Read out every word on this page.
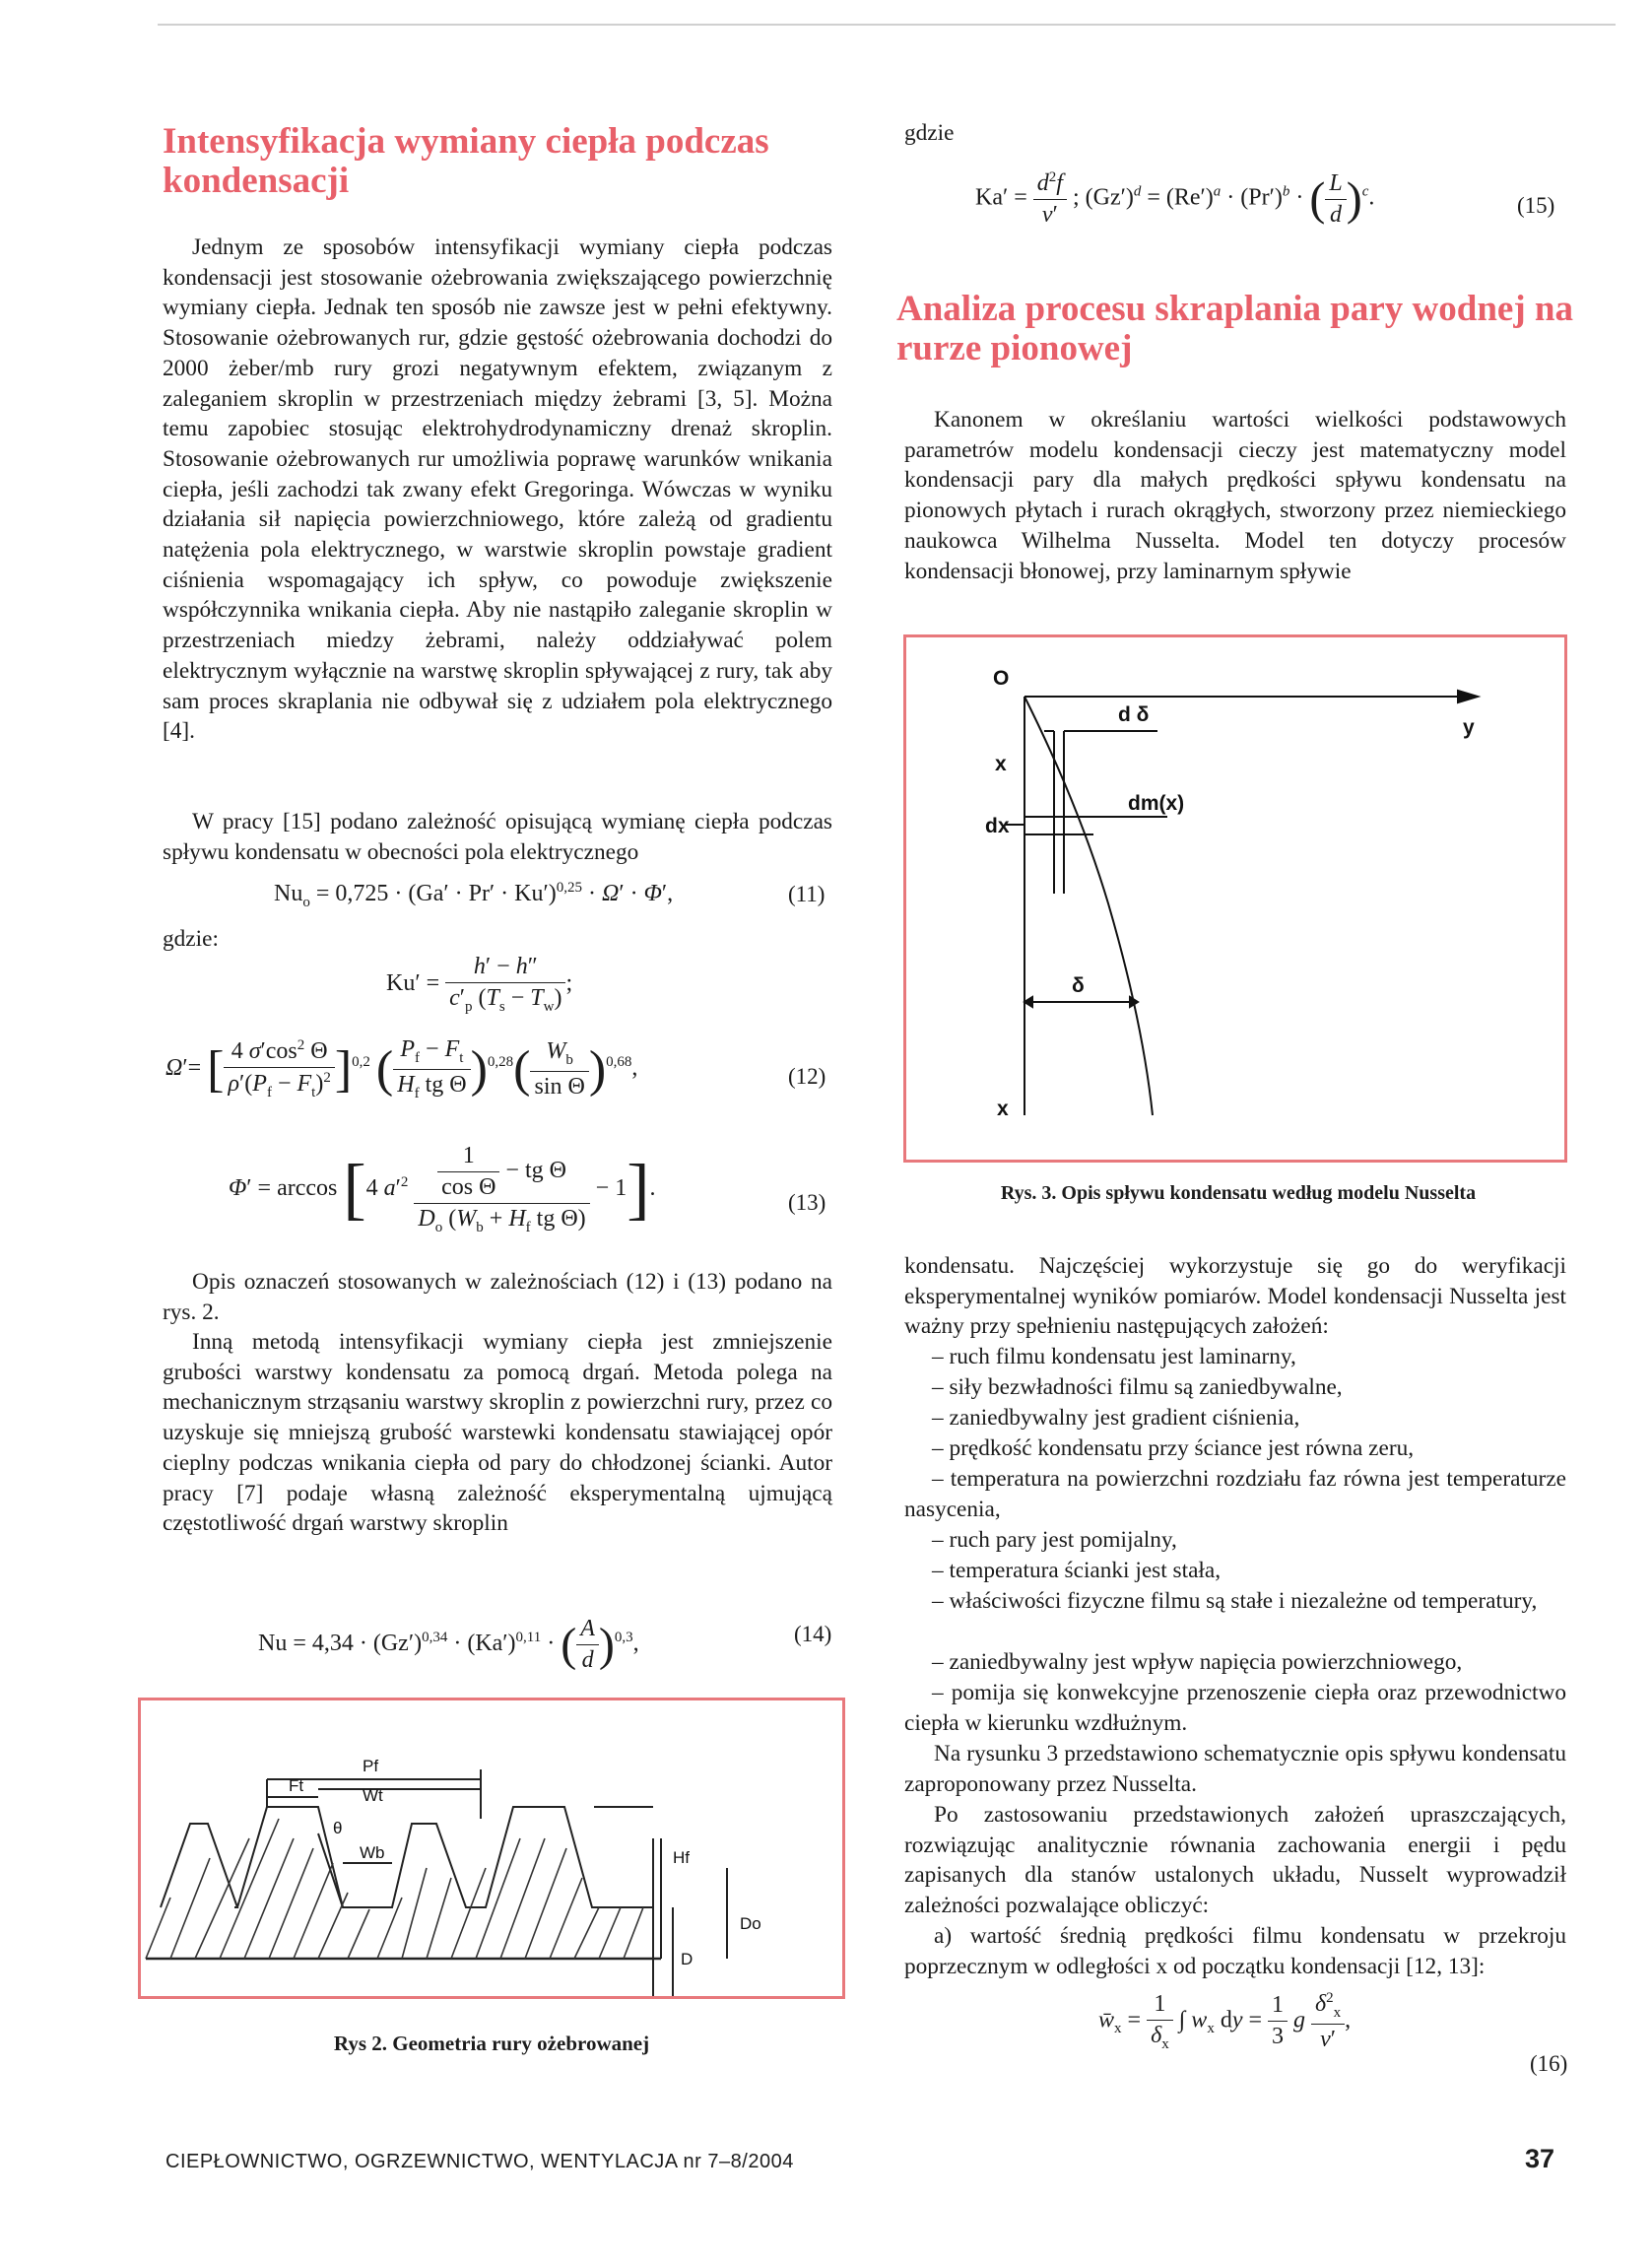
Intensyfikacja wymiany ciepła podczas kondensacji

Jednym ze sposobów intensyfikacji wymiany ciepła podczas kondensacji jest stosowanie ożebrowania zwiększającego powierzchnię wymiany ciepła. Jednak ten sposób nie zawsze jest w pełni efektywny. Stosowanie ożebrowanych rur, gdzie gęstość ożebrowania dochodzi do 2000 żeber/mb rury grozi negatywnym efektem, związanym z zaleganiem skroplin w przestrzeniach między żebrami [3, 5]. Można temu zapobiec stosując elektrohydrodynamiczny drenaż skroplin. Stosowanie ożebrowanych rur umożliwia poprawę warunków wnikania ciepła, jeśli zachodzi tak zwany efekt Gregoringa. Wówczas w wyniku działania sił napięcia powierzchniowego, które zależą od gradientu natężenia pola elektrycznego, w warstwie skroplin powstaje gradient ciśnienia wspomagający ich spływ, co powoduje zwiększenie współczynnika wnikania ciepła. Aby nie nastąpiło zaleganie skroplin w przestrzeniach miedzy żebrami, należy oddziaływać polem elektrycznym wyłącznie na warstwę skroplin spływającej z rury, tak aby sam proces skraplania nie odbywał się z udziałem pola elektrycznego [4].

W pracy [15] podano zależność opisującą wymianę ciepła podczas spływu kondensatu w obecności pola elektrycznego

$Nu_o = 0,725 \cdot (Ga' \cdot Pr' \cdot Ku')^{0,25} \cdot \Omega' \cdot \Phi'$,	(11)

gdzie:

$Ku' = \frac{h' - h''}{c'_p (T_s - T_w)}$ ;
Ω′= [ $\frac{4 \sigma'\cos^2 \Theta}{\rho'(P_f - F_t)^2} ]^{0,2}$ ( $\frac{P_f - F_t}{H_f tg \Theta} )^{0,28}( \frac{W_b}{\text{sin Θ}} )^{0,68}$,	(12)
Φ′ = arccos [4 $a'^2 \frac{\frac{1}{\text{cos Θ}} - tg \Theta}{D_o (W_b + H_f tg \Theta)} - 1$].
(13)

Opis oznaczeń stosowanych w zależnościach (12) i (13) podano na rys. 2.

Inną metodą intensyfikacji wymiany ciepła jest zmniejszenie grubości warstwy kondensatu za pomocą drgań. Metoda polega na mechanicznym strząsaniu warstwy skroplin z powierzchni rury, przez co uzyskuje się mniejszą grubość warstewki kondensatu stawiającej opór cieplny podczas wnikania ciepła od pary do chłodzonej ścianki. Autor pracy [7] podaje własną zależność eksperymentalną ujmującą częstotliwość drgań warstwy skroplin

$Nu = 4,34 \cdot (Gz')^{0,34} \cdot (Ka')^{0,11}$ · ( $\frac{A}{d} )^{0,3}$,	(14)
Pf
Ft
Wt
θ
Wb	Hf
D
Do
Rys 2. Geometria rury ożebrowanej

gdzie

$Ka' = \frac{d^2f}{\nu'}$ ; $(Gz')^d = (Re')^a \cdot (Pr')^b$ · ( $\frac{L}{d} )^c$.	(15)
Analiza procesu skraplania pary wodnej na rurze pionowej

Kanonem w określaniu wartości wielkości podstawowych parametrów modelu kondensacji cieczy jest matematyczny model kondensacji pary dla małych prędkości spływu kondensatu na pionowych płytach i rurach okrągłych, stworzony przez niemieckiego naukowca Wilhelma Nusselta. Model ten dotyczy procesów kondensacji błonowej, przy laminarnym spływie

O
x
y
d δ
dx
dm(x)
δ
x
Rys. 3. Opis spływu kondensatu według modelu Nusselta

kondensatu. Najczęściej wykorzystuje się go do weryfikacji eksperymentalnej wyników pomiarów. Model kondensacji Nusselta jest ważny przy spełnieniu następujących założeń:

– ruch filmu kondensatu jest laminarny,
– siły bezwładności filmu są zaniedbywalne,
– zaniedbywalny jest gradient ciśnienia,
– prędkość kondensatu przy ściance jest równa zeru,

– temperatura na powierzchni rozdziału faz równa jest temperaturze nasycenia,

– ruch pary jest pomijalny,
– temperatura ścianki jest stała,

– właściwości fizyczne filmu są stałe i niezależne od temperatury,

– zaniedbywalny jest wpływ napięcia powierzchniowego,

– pomija się konwekcyjne przenoszenie ciepła oraz przewodnictwo ciepła w kierunku wzdłużnym.

Na rysunku 3 przedstawiono schematycznie opis spływu kondensatu zaproponowany przez Nusselta.

Po zastosowaniu przedstawionych założeń upraszczających, rozwiązując analitycznie równania zachowania energii i pędu zapisanych dla stanów ustalonych układu, Nusselt wyprowadził zależności pozwalające obliczyć:

a) wartość średnią prędkości filmu kondensatu w przekroju poprzecznym w odległości x od początku kondensacji [12, 13]:

$w̄_x = \frac{1}{\delta_x}$ ∫ $w_x$ dy = $\frac{1}{3}$ g $\frac{\delta^2_x}{\nu'}$ ,
(16)
CIEPŁOWNICTWO, OGRZEWNICTWO, WENTYLACJA nr 7–8/2004	37
